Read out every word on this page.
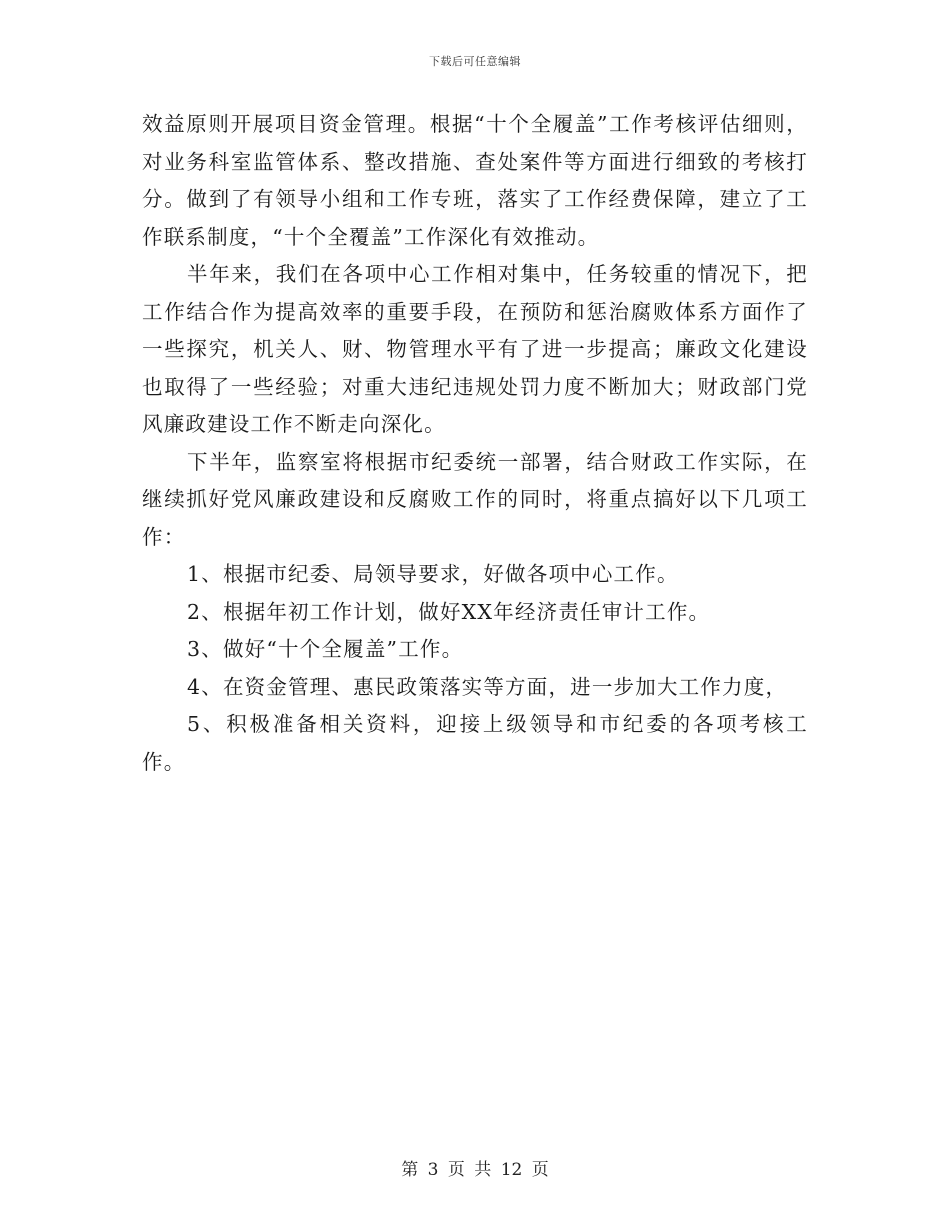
下载后可任意编辑

效益原则开展项目资金管理。根据“十个全履盖”工作考核评估细则，对业务科室监管体系、整改措施、查处案件等方面进行细致的考核打分。做到了有领导小组和工作专班，落实了工作经费保障，建立了工作联系制度，“十个全覆盖”工作深化有效推动。

半年来，我们在各项中心工作相对集中，任务较重的情况下，把工作结合作为提高效率的重要手段，在预防和惩治腐败体系方面作了一些探究，机关人、财、物管理水平有了进一步提高；廉政文化建设也取得了一些经验；对重大违纪违规处罚力度不断加大；财政部门党风廉政建设工作不断走向深化。

下半年，监察室将根据市纪委统一部署，结合财政工作实际，在继续抓好党风廉政建设和反腐败工作的同时，将重点搞好以下几项工作：

1、根据市纪委、局领导要求，好做各项中心工作。

2、根据年初工作计划，做好XX年经济责任审计工作。

3、做好“十个全履盖”工作。

4、在资金管理、惠民政策落实等方面，进一步加大工作力度，

5、积极准备相关资料，迎接上级领导和市纪委的各项考核工作。

第 3 页 共 12 页
